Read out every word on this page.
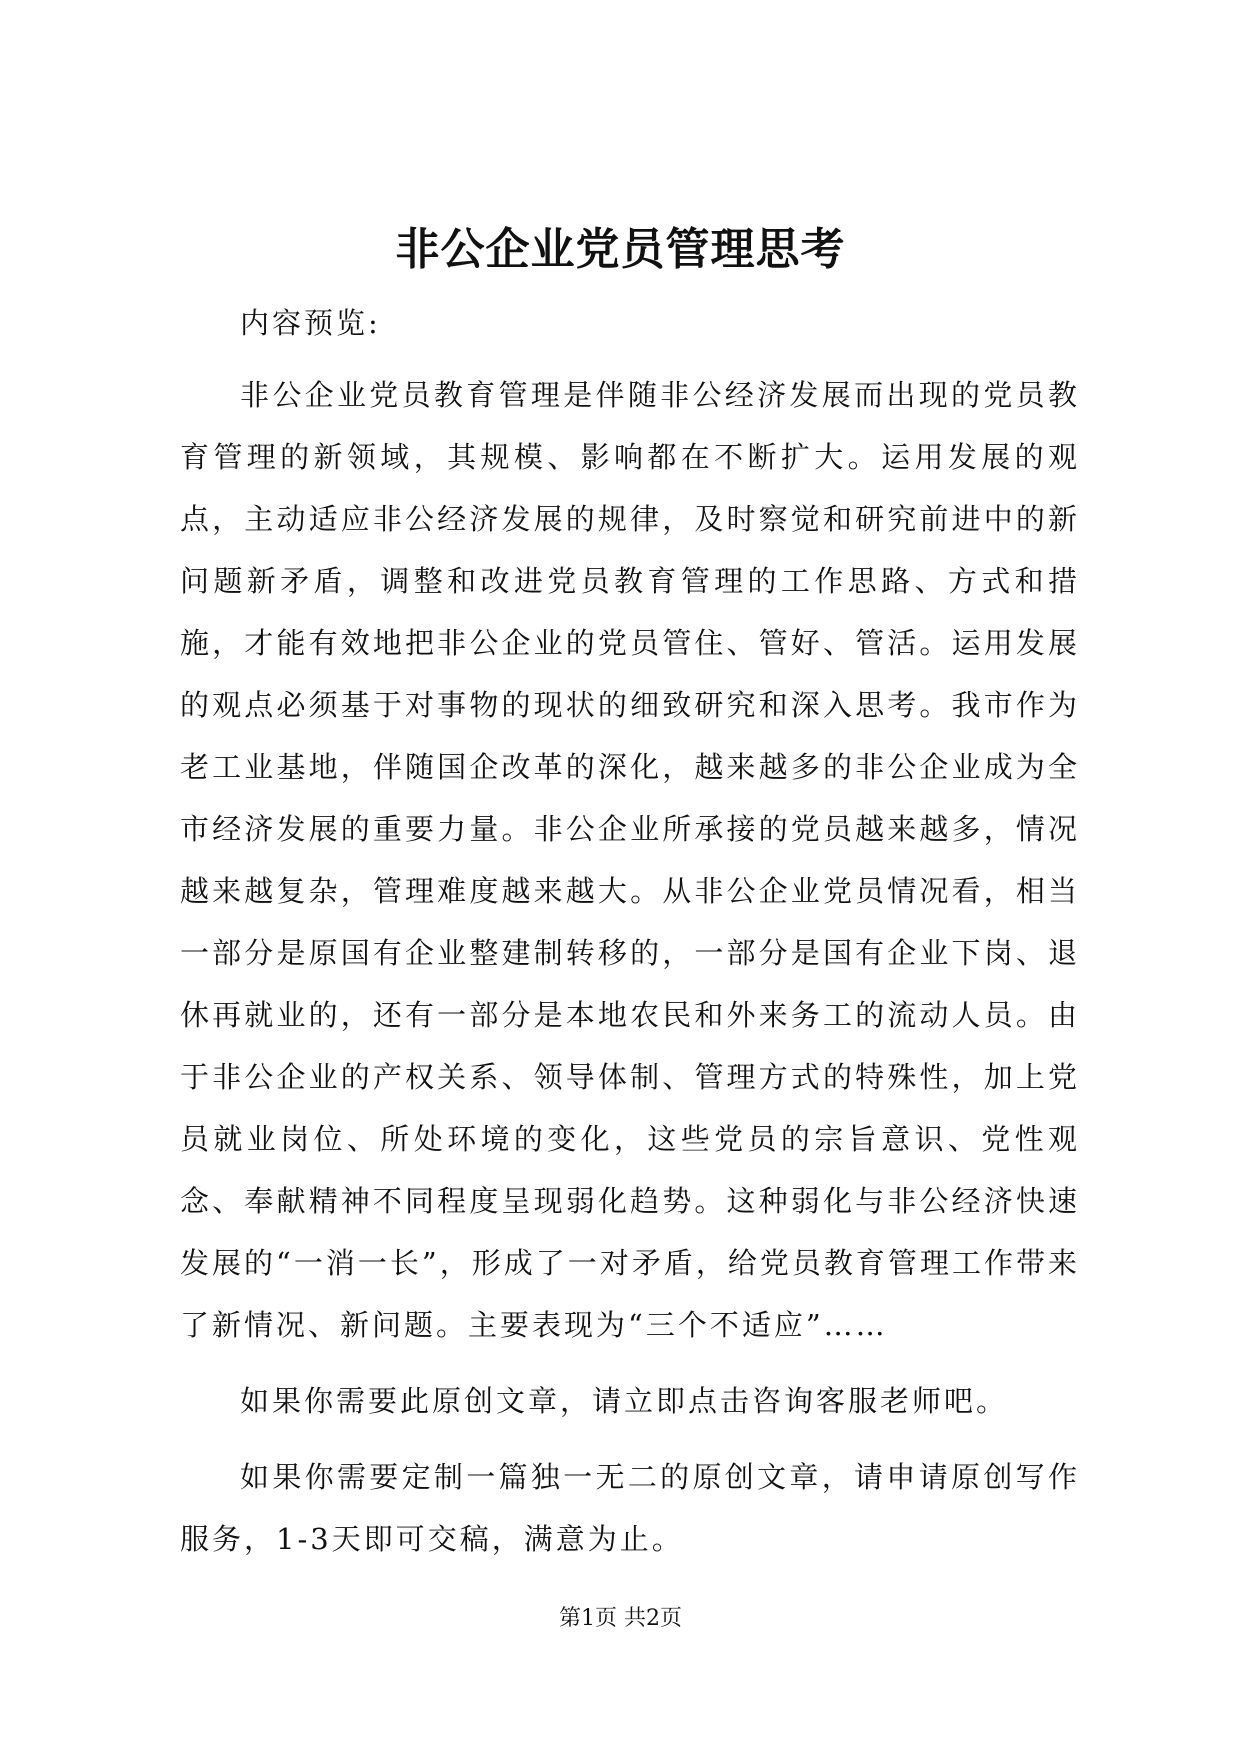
非公企业党员管理思考

内容预览:

非公企业党员教育管理是伴随非公经济发展而出现的党员教育管理的新领域，其规模、影响都在不断扩大。运用发展的观点，主动适应非公经济发展的规律，及时察觉和研究前进中的新问题新矛盾，调整和改进党员教育管理的工作思路、方式和措施，才能有效地把非公企业的党员管住、管好、管活。运用发展的观点必须基于对事物的现状的细致研究和深入思考。我市作为老工业基地，伴随国企改革的深化，越来越多的非公企业成为全市经济发展的重要力量。非公企业所承接的党员越来越多，情况越来越复杂，管理难度越来越大。从非公企业党员情况看，相当一部分是原国有企业整建制转移的，一部分是国有企业下岗、退休再就业的，还有一部分是本地农民和外来务工的流动人员。由于非公企业的产权关系、领导体制、管理方式的特殊性，加上党员就业岗位、所处环境的变化，这些党员的宗旨意识、党性观念、奉献精神不同程度呈现弱化趋势。这种弱化与非公经济快速发展的“一消一长”，形成了一对矛盾，给党员教育管理工作带来了新情况、新问题。主要表现为“三个不适应”……

如果你需要此原创文章，请立即点击咨询客服老师吧。

如果你需要定制一篇独一无二的原创文章，请申请原创写作服务，1-3天即可交稿，满意为止。

第1页 共2页
